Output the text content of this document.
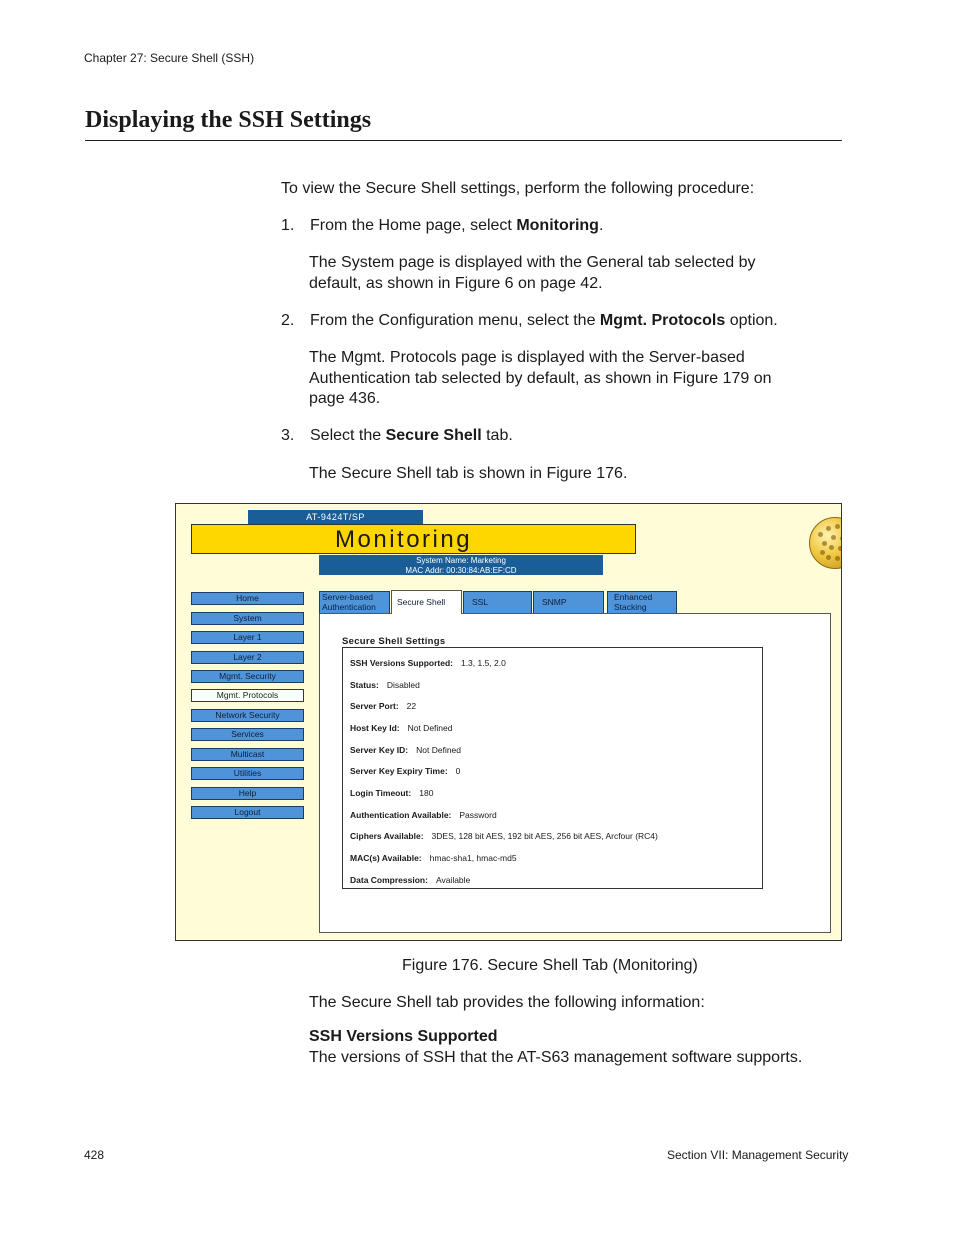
Chapter 27: Secure Shell (SSH)
Displaying the SSH Settings
To view the Secure Shell settings, perform the following procedure:
1. From the Home page, select Monitoring.
The System page is displayed with the General tab selected by
default, as shown in Figure 6 on page 42.
2. From the Configuration menu, select the Mgmt. Protocols option.
The Mgmt. Protocols page is displayed with the Server-based
Authentication tab selected by default, as shown in Figure 179 on
page 436.
3. Select the Secure Shell tab.
The Secure Shell tab is shown in Figure 176.
AT-9424T/SP
Monitoring
System Name: Marketing
MAC Addr: 00:30:84:AB:EF:CD
Home
System
Layer 1
Layer 2
Mgmt. Security
Mgmt. Protocols
Network Security
Services
Multicast
Utilities
Help
Logout
Server-based
Authentication	Secure Shell	SSL	SNMP	Enhanced
Stacking
Secure Shell Settings
SSH Versions Supported: 1.3, 1.5, 2.0
Status: Disabled
Server Port: 22
Host Key Id: Not Defined
Server Key ID: Not Defined
Server Key Expiry Time: 0
Login Timeout: 180
Authentication Available: Password
Ciphers Available: 3DES, 128 bit AES, 192 bit AES, 256 bit AES, Arcfour (RC4)
MAC(s) Available: hmac-sha1, hmac-md5
Data Compression: Available
Figure 176. Secure Shell Tab (Monitoring)
The Secure Shell tab provides the following information:
SSH Versions Supported
The versions of SSH that the AT-S63 management software supports.
428	Section VII: Management Security
